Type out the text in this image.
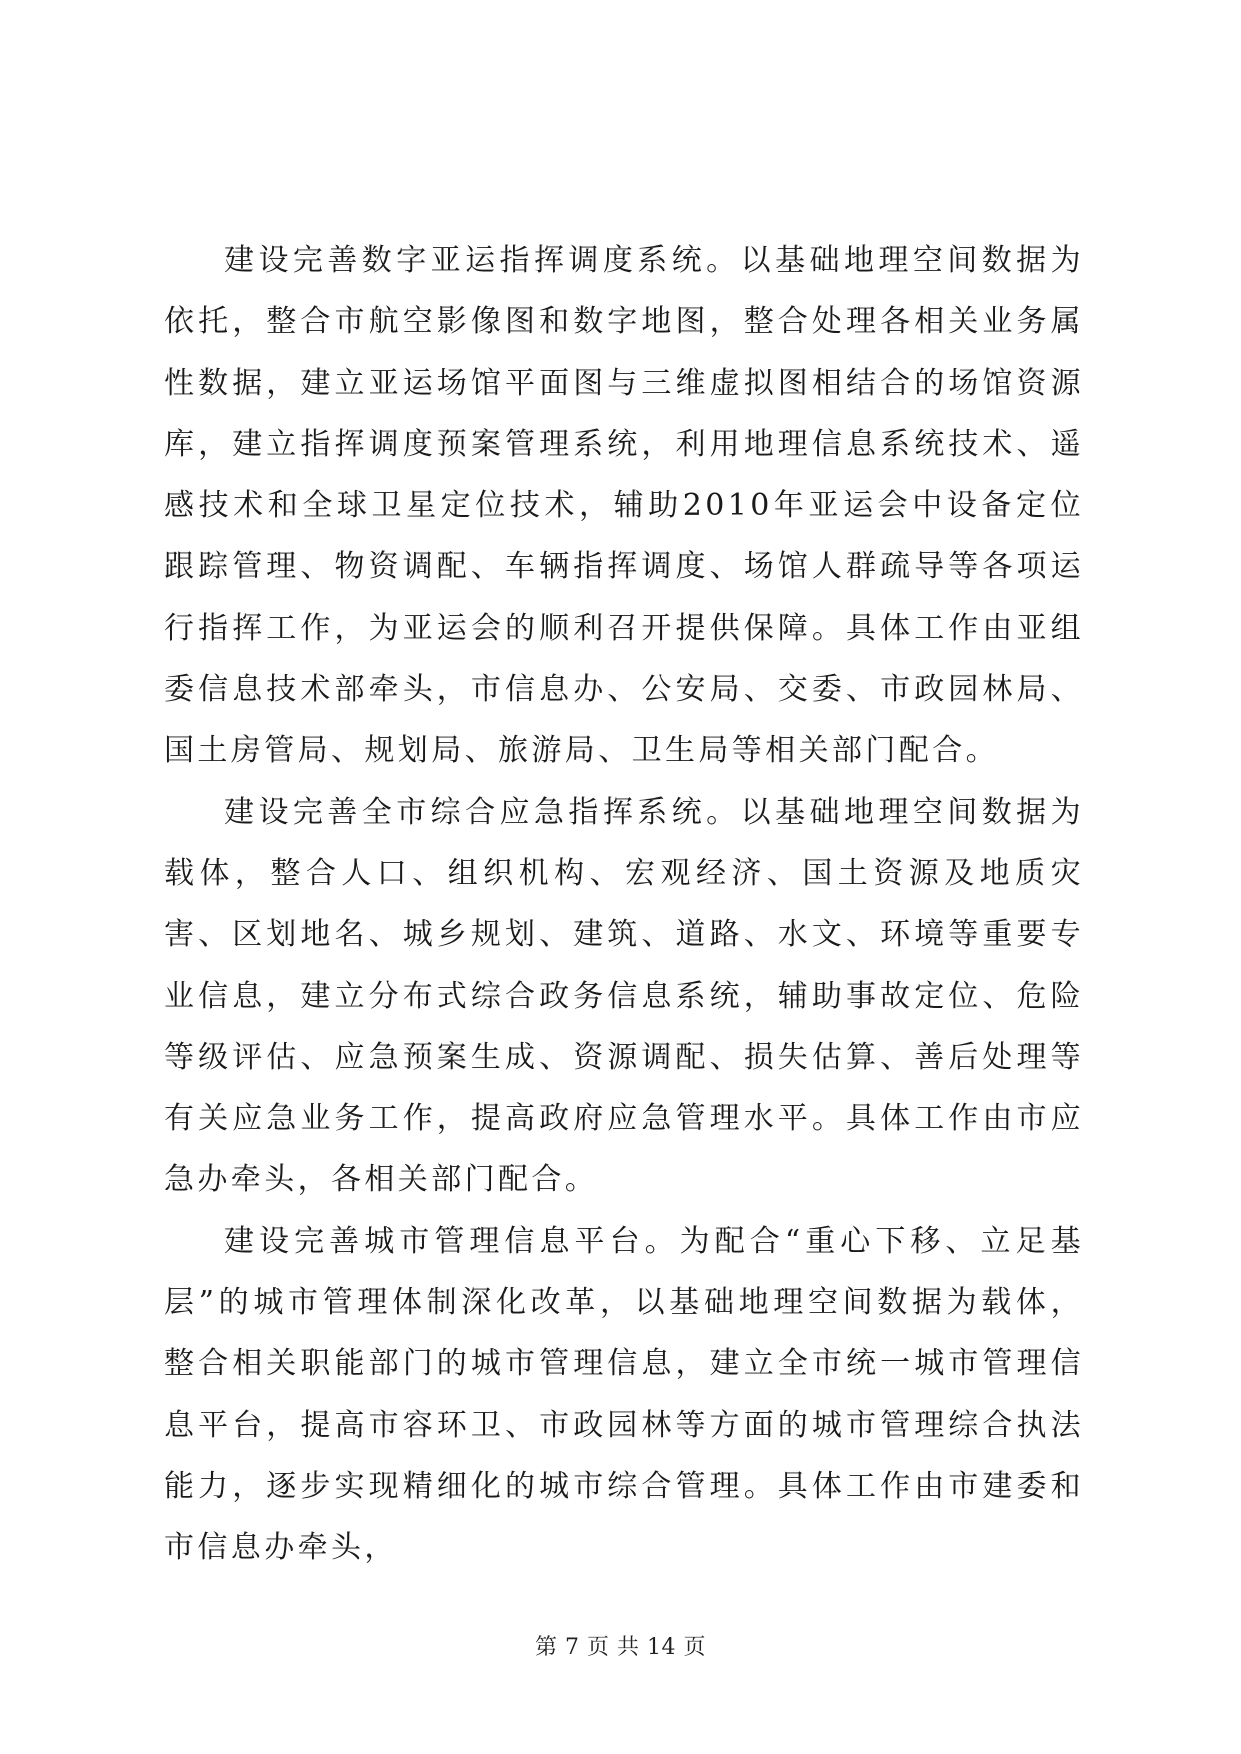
建设完善数字亚运指挥调度系统。以基础地理空间数据为依托，整合市航空影像图和数字地图，整合处理各相关业务属性数据，建立亚运场馆平面图与三维虚拟图相结合的场馆资源库，建立指挥调度预案管理系统，利用地理信息系统技术、遥感技术和全球卫星定位技术，辅助2010年亚运会中设备定位跟踪管理、物资调配、车辆指挥调度、场馆人群疏导等各项运行指挥工作，为亚运会的顺利召开提供保障。具体工作由亚组委信息技术部牵头，市信息办、公安局、交委、市政园林局、国土房管局、规划局、旅游局、卫生局等相关部门配合。

建设完善全市综合应急指挥系统。以基础地理空间数据为载体，整合人口、组织机构、宏观经济、国土资源及地质灾害、区划地名、城乡规划、建筑、道路、水文、环境等重要专业信息，建立分布式综合政务信息系统，辅助事故定位、危险等级评估、应急预案生成、资源调配、损失估算、善后处理等有关应急业务工作，提高政府应急管理水平。具体工作由市应急办牵头，各相关部门配合。

建设完善城市管理信息平台。为配合“重心下移、立足基层”的城市管理体制深化改革，以基础地理空间数据为载体，整合相关职能部门的城市管理信息，建立全市统一城市管理信息平台，提高市容环卫、市政园林等方面的城市管理综合执法能力，逐步实现精细化的城市综合管理。具体工作由市建委和市信息办牵头，

第 7 页 共 14 页
